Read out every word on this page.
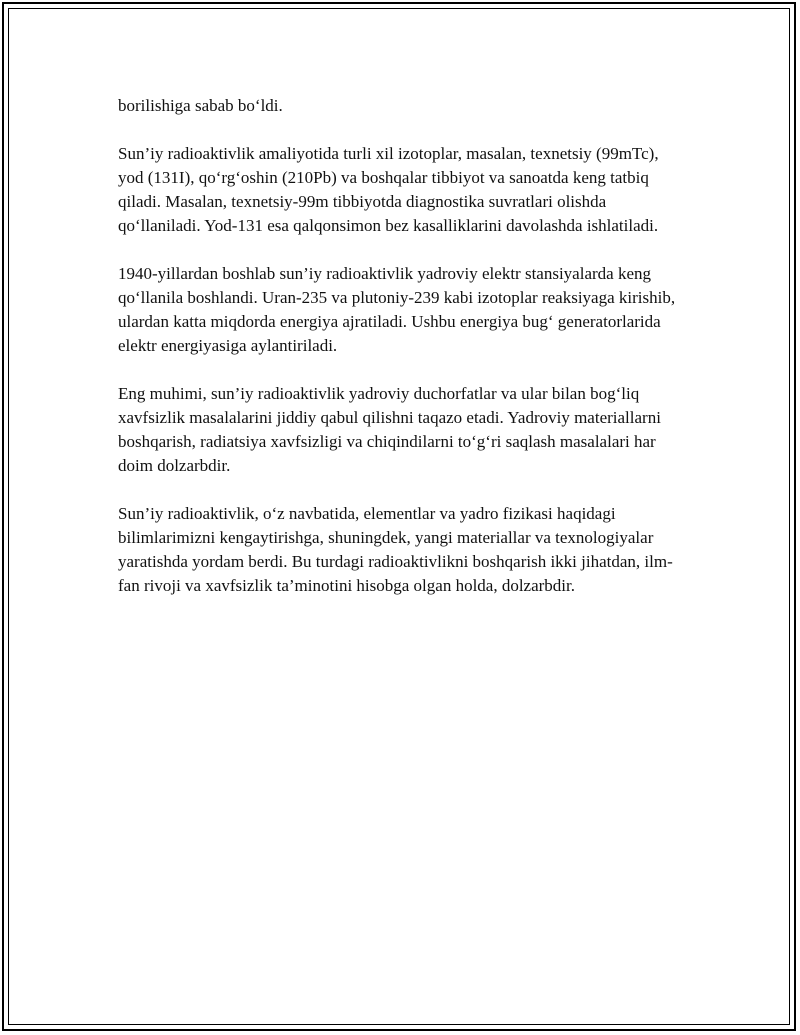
borilishiga sabab bo‘ldi.

Sun’iy radioaktivlik amaliyotida turli xil izotoplar, masalan, texnetsiy (99mTc), yod (131I), qo‘rg‘oshin (210Pb) va boshqalar tibbiyot va sanoatda keng tatbiq qiladi. Masalan, texnetsiy-99m tibbiyotda diagnostika suvratlari olishda qo‘llaniladi. Yod-131 esa qalqonsimon bez kasalliklarini davolashda ishlatiladi.

1940-yillardan boshlab sun’iy radioaktivlik yadroviy elektr stansiyalarda keng qo‘llanila boshlandi. Uran-235 va plutoniy-239 kabi izotoplar reaksiyaga kirishib, ulardan katta miqdorda energiya ajratiladi. Ushbu energiya bug‘ generatorlarida elektr energiyasiga aylantiriladi.

Eng muhimi, sun’iy radioaktivlik yadroviy duchorfatlar va ular bilan bog‘liq xavfsizlik masalalarini jiddiy qabul qilishni taqazo etadi. Yadroviy materiallarni boshqarish, radiatsiya xavfsizligi va chiqindilarni to‘g‘ri saqlash masalalari har doim dolzarbdir.

Sun’iy radioaktivlik, o‘z navbatida, elementlar va yadro fizikasi haqidagi bilimlarimizni kengaytirishga, shuningdek, yangi materiallar va texnologiyalar yaratishda yordam berdi. Bu turdagi radioaktivlikni boshqarish ikki jihatdan, ilm-fan rivoji va xavfsizlik ta’minotini hisobga olgan holda, dolzarbdir.
